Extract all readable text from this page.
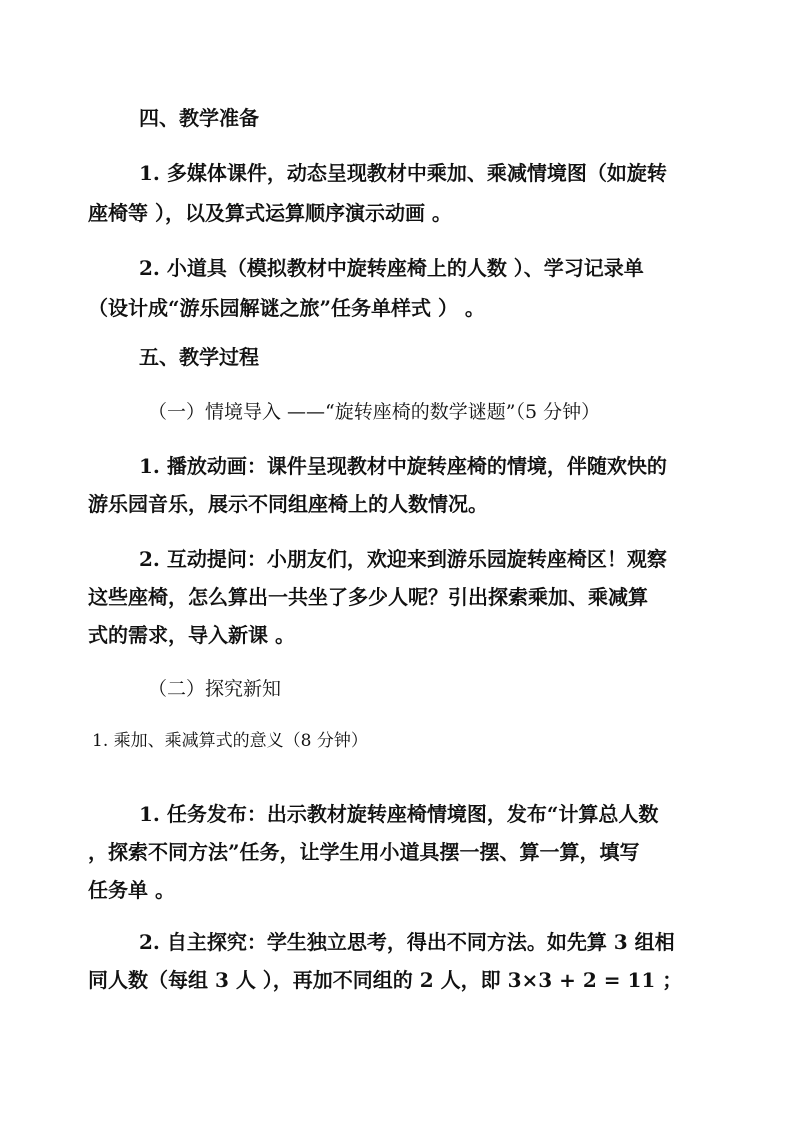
四、教学准备
1. 多媒体课件，动态呈现教材中乘加、乘减情境图（如旋转
座椅等 ），以及算式运算顺序演示动画 。
2. 小道具（模拟教材中旋转座椅上的人数 ）、学习记录单
（设计成“游乐园解谜之旅”任务单样式 ） 。
五、教学过程
（一）情境导入 ——“旋转座椅的数学谜题”（5 分钟）
1. 播放动画：课件呈现教材中旋转座椅的情境，伴随欢快的
游乐园音乐，展示不同组座椅上的人数情况。
2. 互动提问：小朋友们，欢迎来到游乐园旋转座椅区！观察
这些座椅，怎么算出一共坐了多少人呢？引出探索乘加、乘减算
式的需求，导入新课 。
（二）探究新知
1. 乘加、乘减算式的意义（8 分钟）
1. 任务发布：出示教材旋转座椅情境图，发布“计算总人数
，探索不同方法”任务，让学生用小道具摆一摆、算一算，填写
任务单 。
2. 自主探究：学生独立思考，得出不同方法。如先算 3 组相
同人数（每组 3 人 ），再加不同组的 2 人，即 3×3 + 2 = 11 ；
